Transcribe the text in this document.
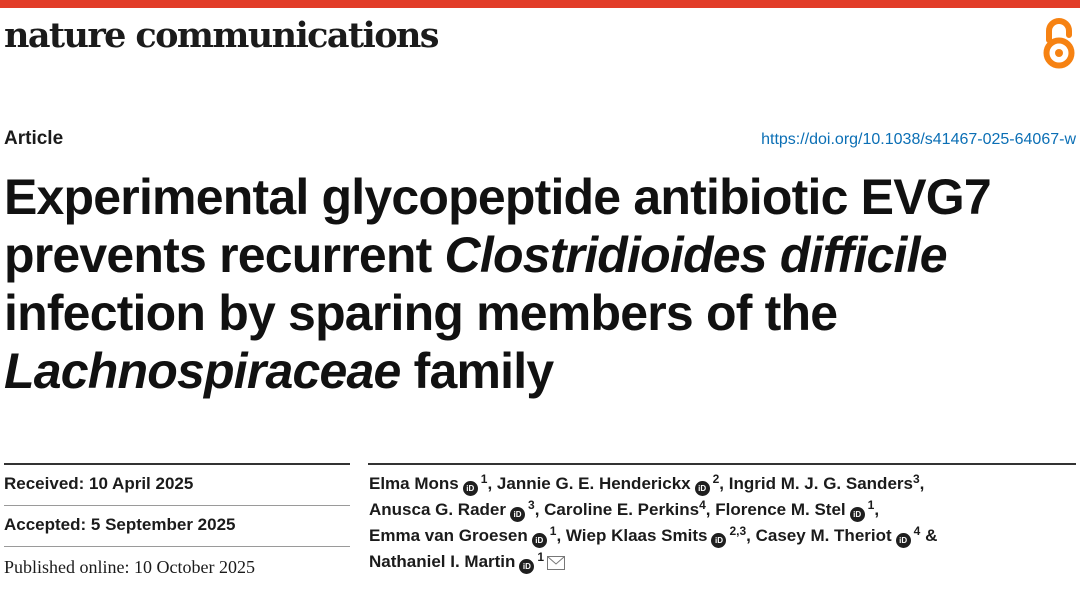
nature communications
Article	https://doi.org/10.1038/s41467-025-64067-w
Experimental glycopeptide antibiotic EVG7
prevents recurrent Clostridioides difficile
infection by sparing members of the
Lachnospiraceae family
Received: 10 April 2025
Accepted: 5 September 2025
Published online: 10 October 2025
Elma Mons $iD^1$, Jannie G. E. Henderickx $iD^2$, Ingrid M. J. G. Sanders$^3$,
Anusca G. Rader $iD^3$, Caroline E. Perkins$^4$, Florence M. Stel $iD^1$,
Emma van Groesen $iD^1$, Wiep Klaas Smits iD$^{2,3}$, Casey M. Theriot $iD^4$ &
Nathaniel I. Martin $iD^1$
